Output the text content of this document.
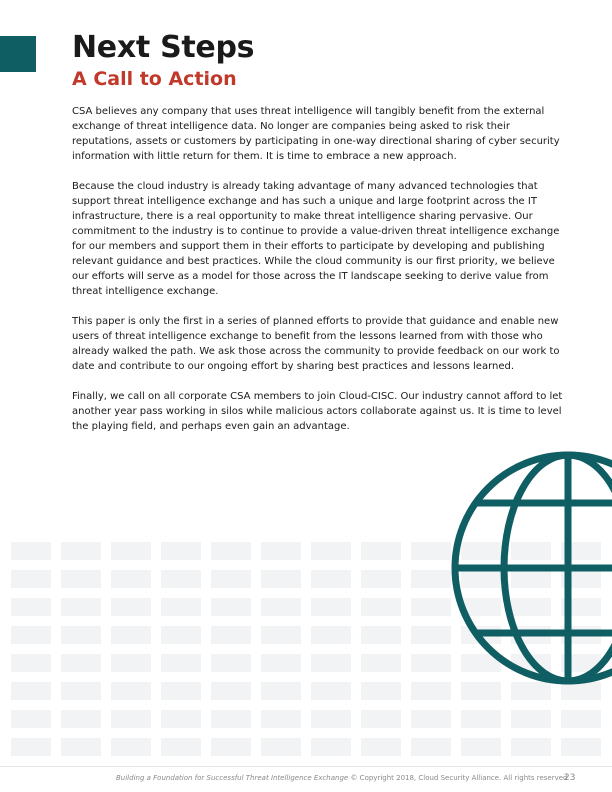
Next Steps
A Call to Action

CSA believes any company that uses threat intelligence will tangibly benefit from the external exchange of threat intelligence data. No longer are companies being asked to risk their reputations, assets or customers by participating in one-way directional sharing of cyber security information with little return for them. It is time to embrace a new approach.

Because the cloud industry is already taking advantage of many advanced technologies that support threat intelligence exchange and has such a unique and large footprint across the IT infrastructure, there is a real opportunity to make threat intelligence sharing pervasive. Our commitment to the industry is to continue to provide a value-driven threat intelligence exchange for our members and support them in their efforts to participate by developing and publishing relevant guidance and best practices. While the cloud community is our first priority, we believe our efforts will serve as a model for those across the IT landscape seeking to derive value from threat intelligence exchange.

This paper is only the first in a series of planned efforts to provide that guidance and enable new users of threat intelligence exchange to benefit from the lessons learned from with those who already walked the path. We ask those across the community to provide feedback on our work to date and contribute to our ongoing effort by sharing best practices and lessons learned.

Finally, we call on all corporate CSA members to join Cloud-CISC. Our industry cannot afford to let another year pass working in silos while malicious actors collaborate against us. It is time to level the playing field, and perhaps even gain an advantage.

Building a Foundation for Successful Threat Intelligence Exchange © Copyright 2018, Cloud Security Alliance. All rights reserved
23
